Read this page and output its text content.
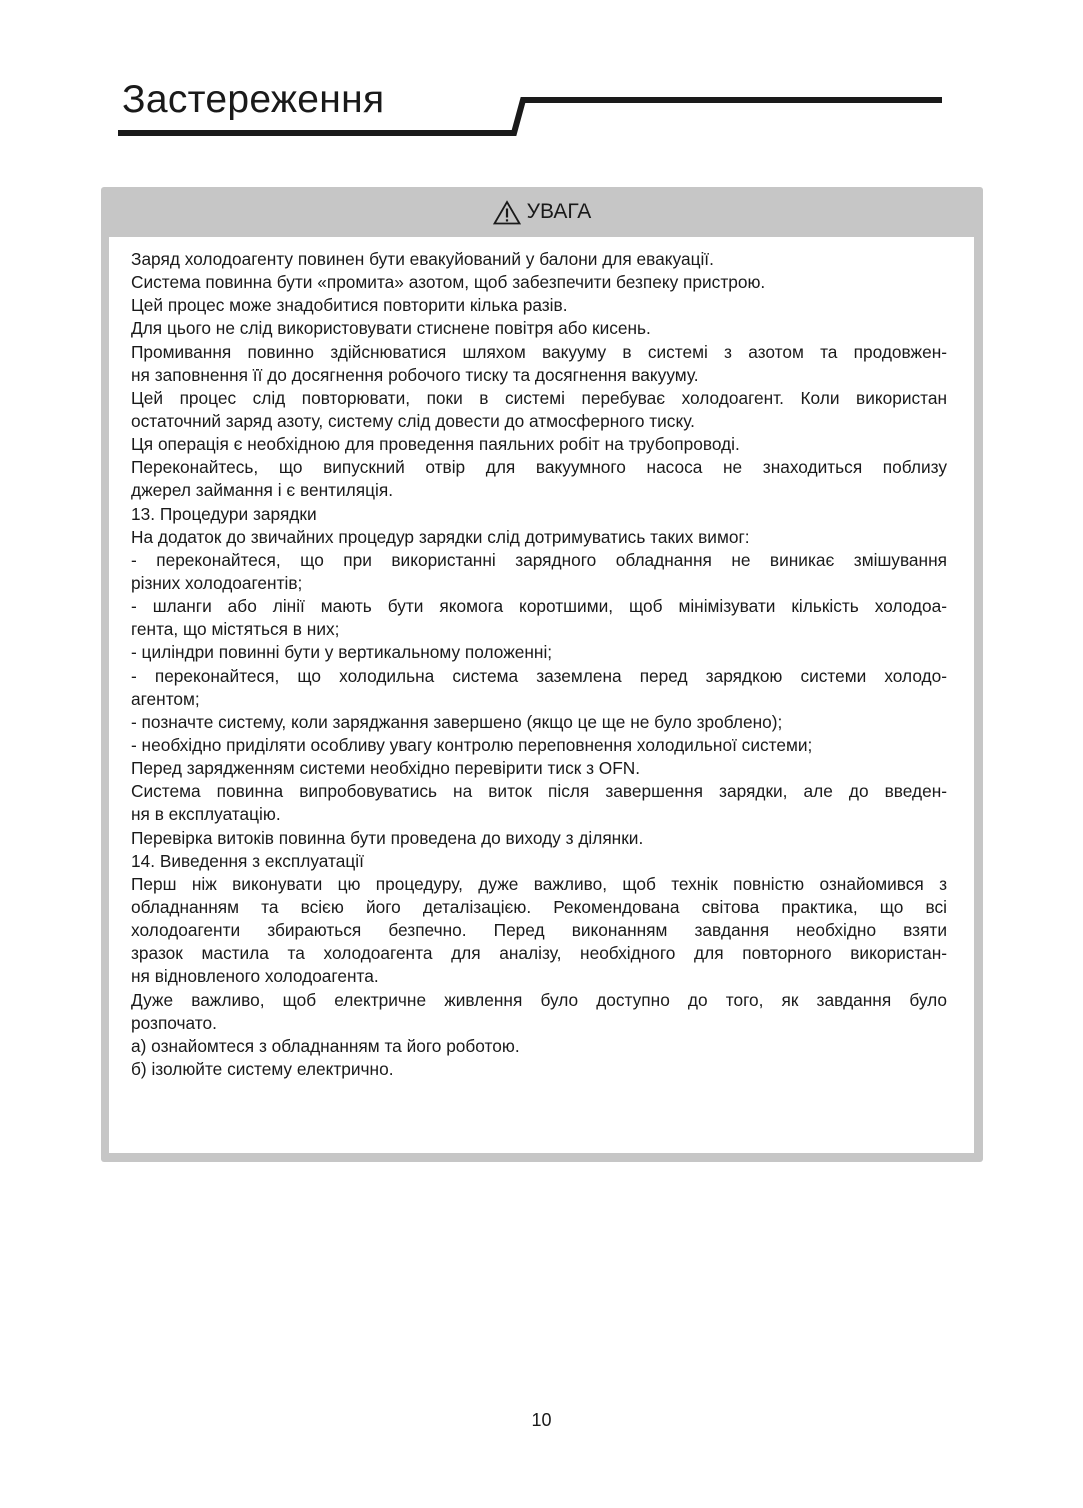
Застереження
УВАГА
Заряд холодоагенту повинен бути евакуйований у балони для евакуації.
Система повинна бути «промита» азотом, щоб забезпечити безпеку пристрою.
Цей процес може знадобитися повторити кілька разів.
Для цього не слід використовувати стиснене повітря або кисень.
Промивання повинно здійснюватися шляхом вакууму в системі з азотом та продовжен-
ня заповнення її до досягнення робочого тиску та досягнення вакууму.
Цей процес слід повторювати, поки в системі перебуває холодоагент. Коли використан
остаточний заряд азоту, систему слід довести до атмосферного тиску.
Ця операція є необхідною для проведення паяльних робіт на трубопроводі.
Переконайтесь, що випускний отвір для вакуумного насоса не знаходиться поблизу
джерел займання і є вентиляція.
13. Процедури зарядки
На додаток до звичайних процедур зарядки слід дотримуватись таких вимог:
- переконайтеся, що при використанні зарядного обладнання не виникає змішування
різних холодоагентів;
- шланги або лінії мають бути якомога коротшими, щоб мінімізувати кількість холодоа-
гента, що містяться в них;
- циліндри повинні бути у вертикальному положенні;
- переконайтеся, що холодильна система заземлена перед зарядкою системи холодо-
агентом;
- позначте систему, коли заряджання завершено (якщо це ще не було зроблено);
- необхідно приділяти особливу увагу контролю переповнення холодильної системи;
Перед зарядженням системи необхідно перевірити тиск з OFN.
Система повинна випробовуватись на виток після завершення зарядки, але до введен-
ня в експлуатацію.
Перевірка витоків повинна бути проведена до виходу з ділянки.
14. Виведення з експлуатації
Перш ніж виконувати цю процедуру, дуже важливо, щоб технік повністю ознайомився з
обладнанням та всією його деталізацією. Рекомендована світова практика, що всі
холодоагенти збираються безпечно. Перед виконанням завдання необхідно взяти
зразок мастила та холодоагента для аналізу, необхідного для повторного використан-
ня відновленого холодоагента.
Дуже важливо, щоб електричне живлення було доступно до того, як завдання було
розпочато.
а) ознайомтеся з обладнанням та його роботою.
б) ізолюйте систему електрично.
10
